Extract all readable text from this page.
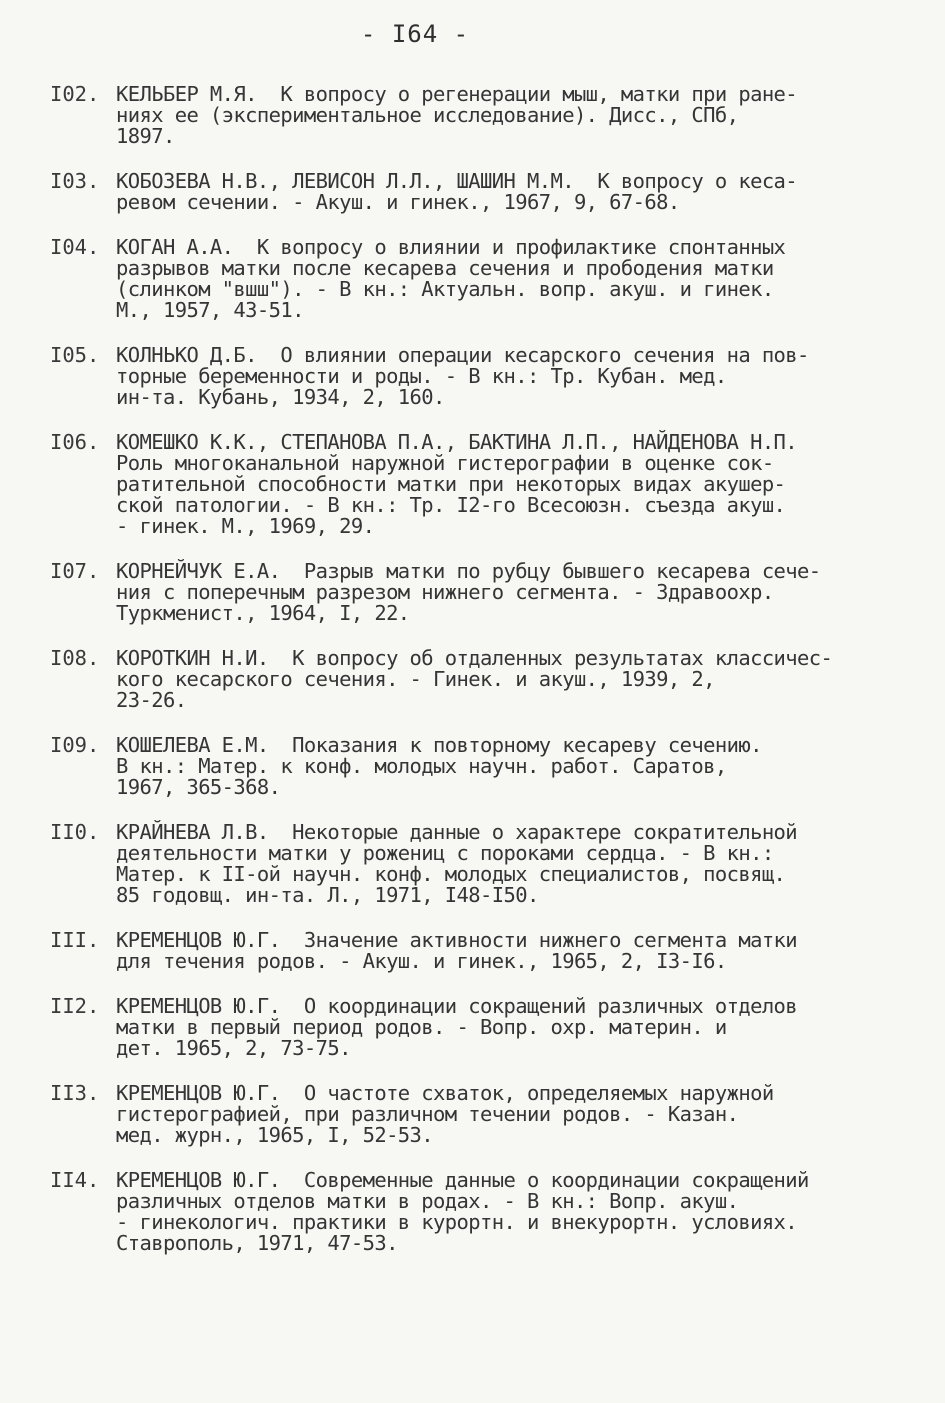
- I64 -
I02. КЕЛЬБЕР М.Я.  К вопросу о регенерации мыш, матки при ране-
ниях ее (экспериментальное исследование). Дисс., СПб,
1897.
I03. КОБОЗЕВА Н.В., ЛЕВИСОН Л.Л., ШАШИН М.М.  К вопросу о кеса-
ревом сечении. - Акуш. и гинек., 1967, 9, 67-68.
I04. КОГАН А.А.  К вопросу о влиянии и профилактике спонтанных
разрывов матки после кесарева сечения и прободения матки
(слинком "вшш"). - В кн.: Актуальн. вопр. акуш. и гинек.
М., 1957, 43-51.
I05. КОЛНЬКО Д.Б.  О влиянии операции кесарского сечения на пов-
торные беременности и роды. - В кн.: Тр. Кубан. мед.
ин-та. Кубань, 1934, 2, 160.
I06. КОМЕШКО К.К., СТЕПАНОВА П.А., БАКТИНА Л.П., НАЙДЕНОВА Н.П.
Роль многоканальной наружной гистерографии в оценке сок-
ратительной способности матки при некоторых видах акушер-
ской патологии. - В кн.: Тр. I2-го Всесоюзн. съезда акуш.
- гинек. М., 1969, 29.
I07. КОРНЕЙЧУК Е.А.  Разрыв матки по рубцу бывшего кесарева сече-
ния с поперечным разрезом нижнего сегмента. - Здравоохр.
Туркменист., 1964, I, 22.
I08. КОРОТКИН Н.И.  К вопросу об отдаленных результатах классичес-
кого кесарского сечения. - Гинек. и акуш., 1939, 2,
23-26.
I09. КОШЕЛЕВА Е.М.  Показания к повторному кесареву сечению.
В кн.: Матер. к конф. молодых научн. работ. Саратов,
1967, 365-368.
II0. КРАЙНЕВА Л.В.  Некоторые данные о характере сократительной
деятельности матки у рожениц с пороками сердца. - В кн.:
Матер. к II-ой научн. конф. молодых специалистов, посвящ.
85 годовщ. ин-та. Л., 1971, I48-I50.
III. КРЕМЕНЦОВ Ю.Г.  Значение активности нижнего сегмента матки
для течения родов. - Акуш. и гинек., 1965, 2, I3-I6.
II2. КРЕМЕНЦОВ Ю.Г.  О координации сокращений различных отделов
матки в первый период родов. - Вопр. охр. материн. и
дет. 1965, 2, 73-75.
II3. КРЕМЕНЦОВ Ю.Г.  О частоте схваток, определяемых наружной
гистерографией, при различном течении родов. - Казан.
мед. журн., 1965, I, 52-53.
II4. КРЕМЕНЦОВ Ю.Г.  Современные данные о координации сокращений
различных отделов матки в родах. - В кн.: Вопр. акуш.
- гинекологич. практики в курортн. и внекурортн. условиях.
Ставрополь, 1971, 47-53.
